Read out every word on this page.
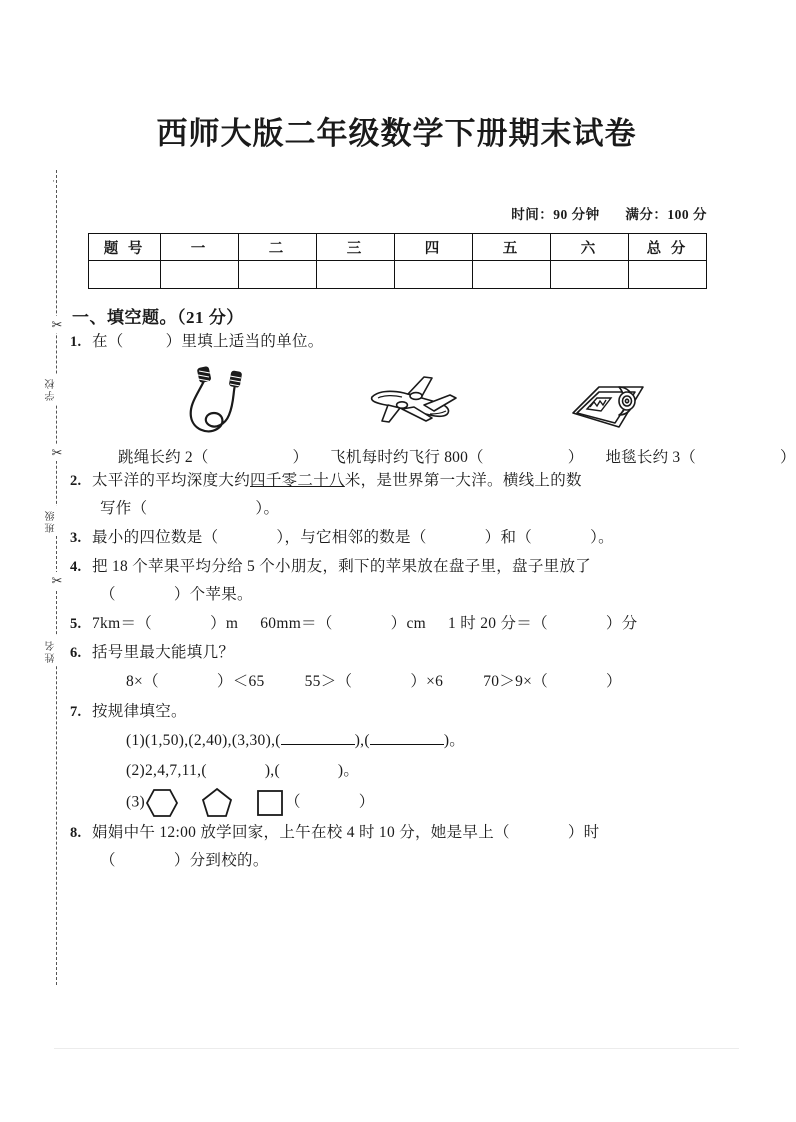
·
✂
学校
✂
班级
✂
姓名
西师大版二年级数学下册期末试卷
时间：90 分钟 满分：100 分
题 号	一	二	三	四	五	六	总 分

一、填空题。（21 分）
1. 在（	）里填上适当的单位。
跳绳长约 2（	） 飞机每时约飞行 800（	） 地毯长约 3（	）
2. 太平洋的平均深度大约四千零二十八米，是世界第一大洋。横线上的数
写作（	）。
3. 最小的四位数是（	），与它相邻的数是（	）和（	）。
4. 把 18 个苹果平均分给 5 个小朋友，剩下的苹果放在盘子里，盘子里放了
（	）个苹果。
5. 7km＝（	）m 60mm＝（	）cm 1 时 20 分＝（	）分
6. 括号里最大能填几？
8×（	）＜65	55＞（	）×6	70＞9×（	）
7. 按规律填空。
(1)(1,50),(2,40),(3,30),(	),(	)。
(2)2,4,7,11,(	),(	)。
(3)	（	）
8. 娟娟中午 12:00 放学回家，上午在校 4 时 10 分，她是早上（	）时
（	）分到校的。
